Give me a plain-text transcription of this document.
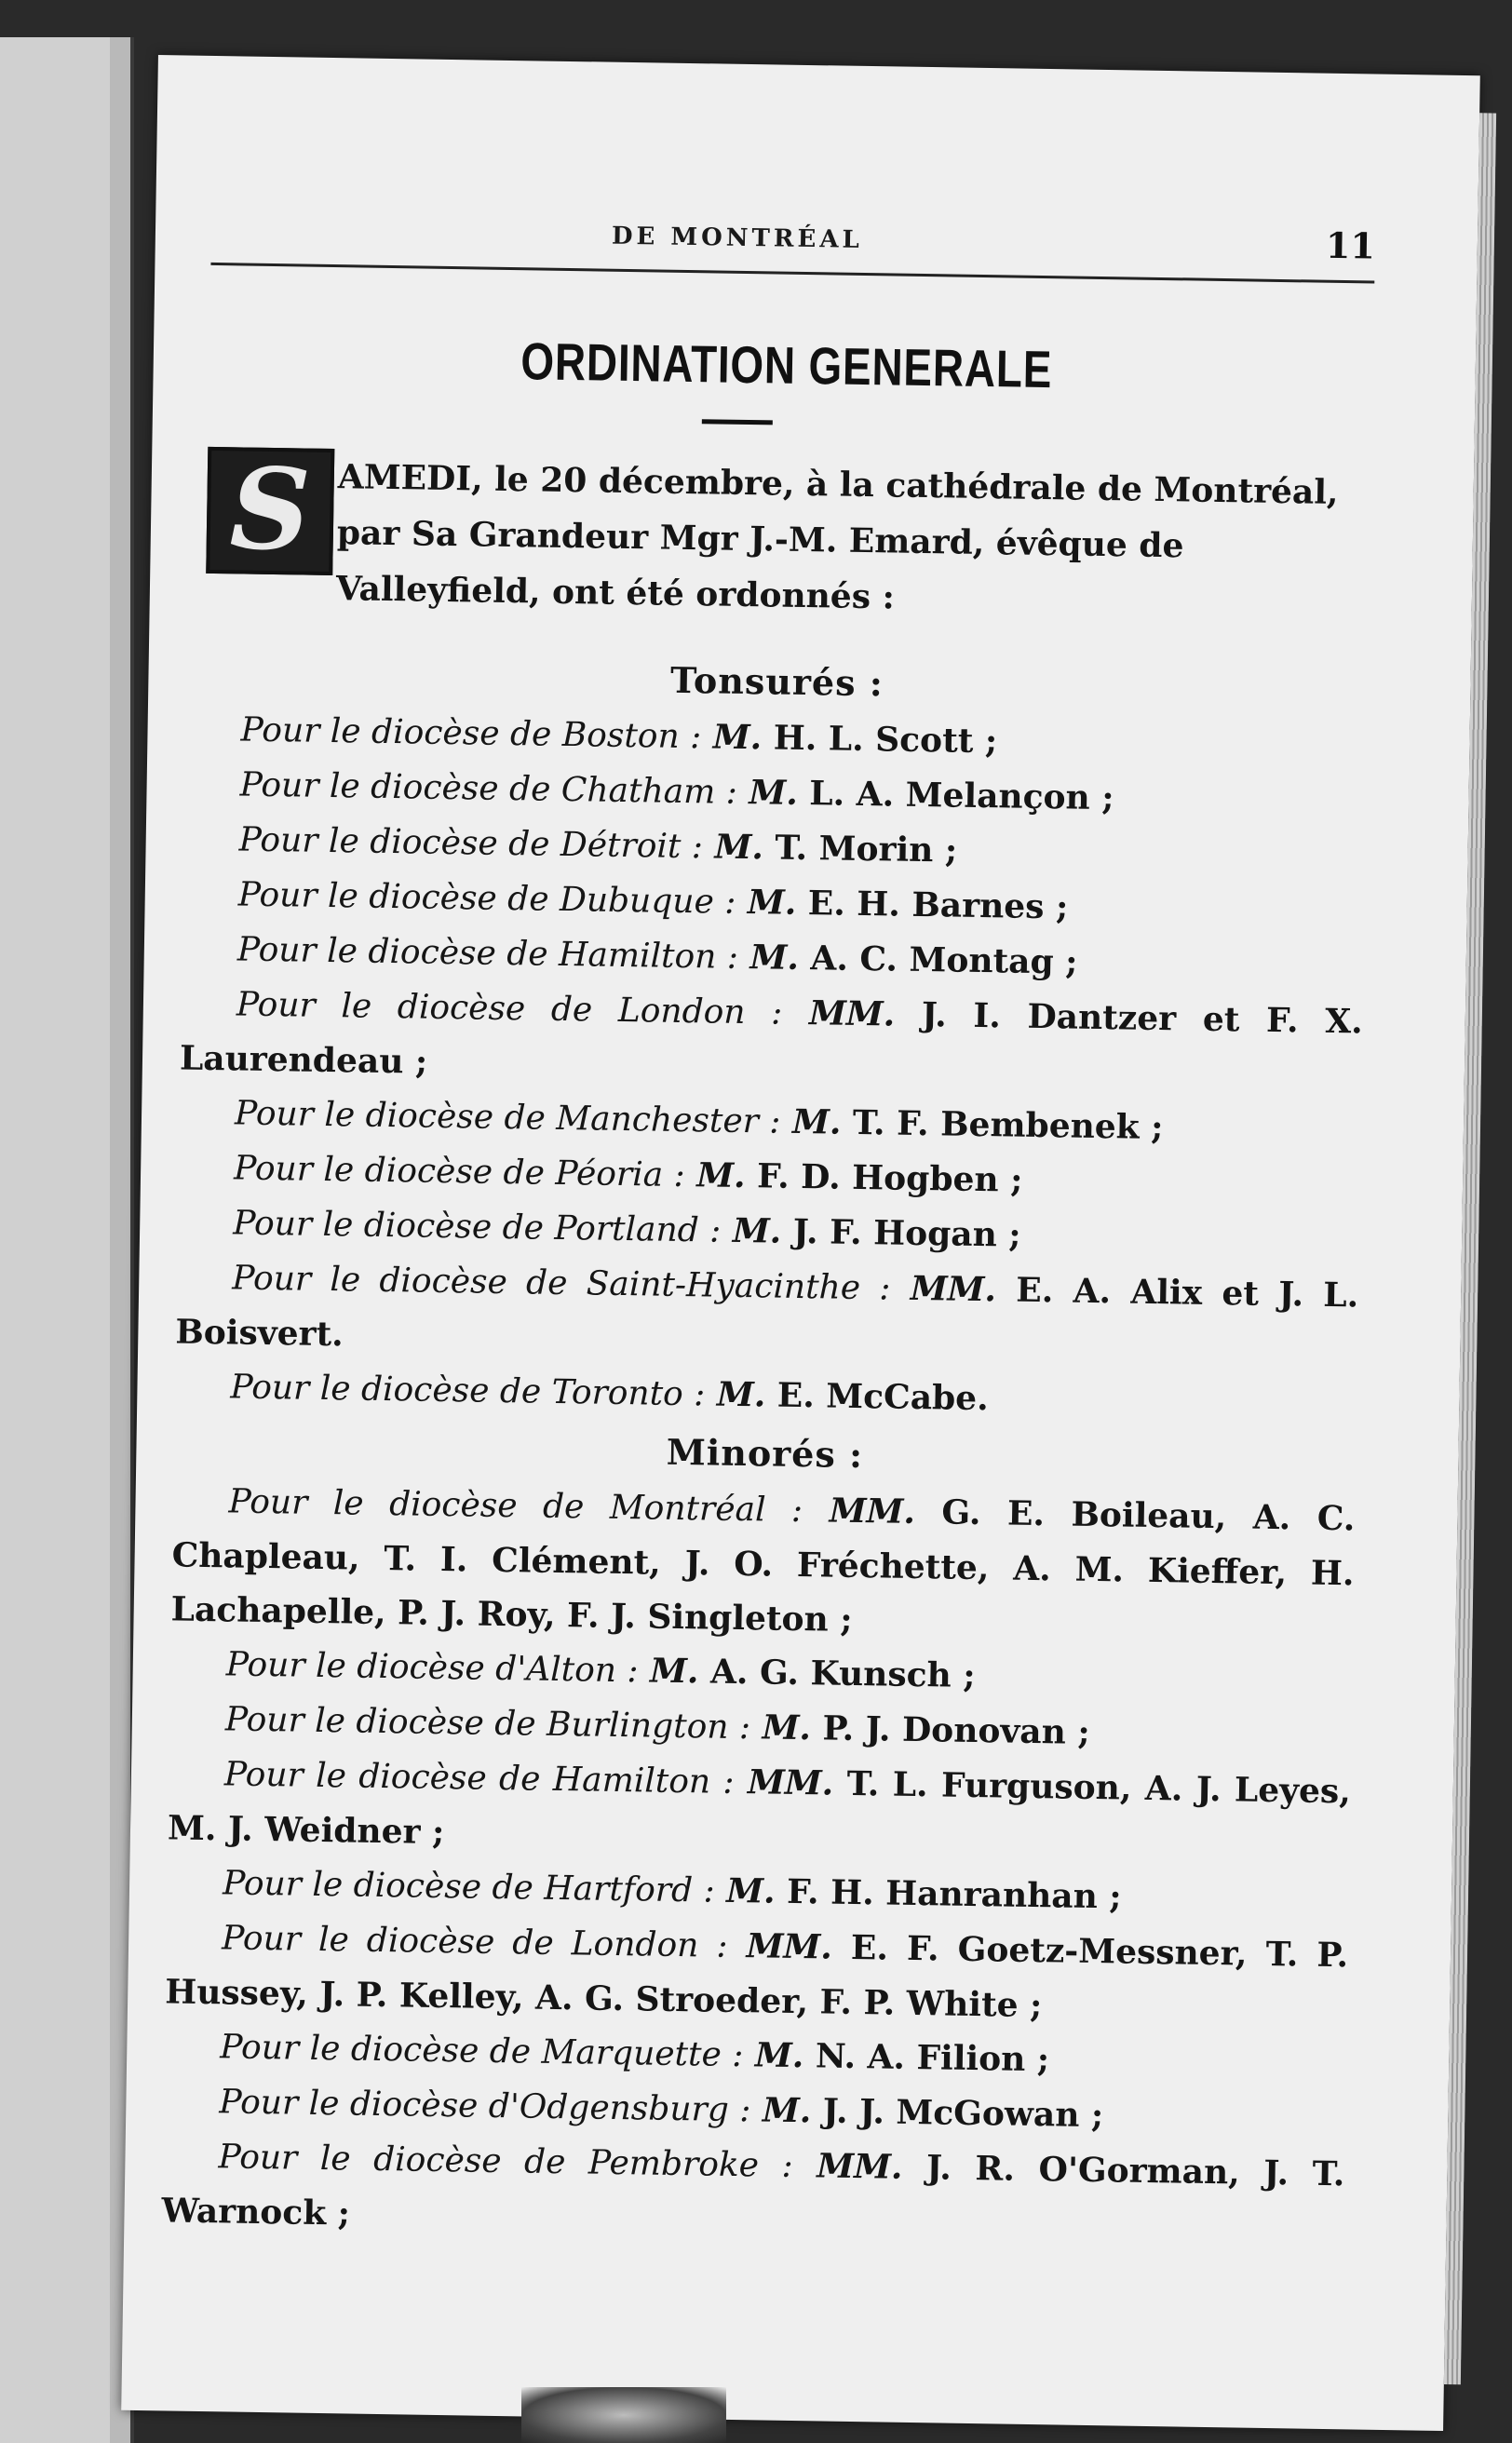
DE MONTRÉAL	11
ORDINATION GENERALE
S AMEDI, le 20 décembre, à la cathédrale de Montréal, par Sa Grandeur Mgr J.-M. Emard, évêque de Valleyfield, ont été ordonnés :
Tonsurés :
Pour le diocèse de Boston : M. H. L. Scott ;
Pour le diocèse de Chatham : M. L. A. Melançon ;
Pour le diocèse de Détroit : M. T. Morin ;
Pour le diocèse de Dubuque : M. E. H. Barnes ;
Pour le diocèse de Hamilton : M. A. C. Montag ;
Pour le diocèse de London : MM. J. I. Dantzer et F. X. Laurendeau ;
Pour le diocèse de Manchester : M. T. F. Bembenek ;
Pour le diocèse de Péoria : M. F. D. Hogben ;
Pour le diocèse de Portland : M. J. F. Hogan ;
Pour le diocèse de Saint-Hyacinthe : MM. E. A. Alix et J. L. Boisvert.
Pour le diocèse de Toronto : M. E. McCabe.
Minorés :
Pour le diocèse de Montréal : MM. G. E. Boileau, A. C. Chapleau, T. I. Clément, J. O. Fréchette, A. M. Kieffer, H. Lachapelle, P. J. Roy, F. J. Singleton ;
Pour le diocèse d'Alton : M. A. G. Kunsch ;
Pour le diocèse de Burlington : M. P. J. Donovan ;
Pour le diocèse de Hamilton : MM. T. L. Furguson, A. J. Leyes, M. J. Weidner ;
Pour le diocèse de Hartford : M. F. H. Hanranhan ;
Pour le diocèse de London : MM. E. F. Goetz-Messner, T. P. Hussey, J. P. Kelley, A. G. Stroeder, F. P. White ;
Pour le diocèse de Marquette : M. N. A. Filion ;
Pour le diocèse d'Odgensburg : M. J. J. McGowan ;
Pour le diocèse de Pembroke : MM. J. R. O'Gorman, J. T. Warnock ;
